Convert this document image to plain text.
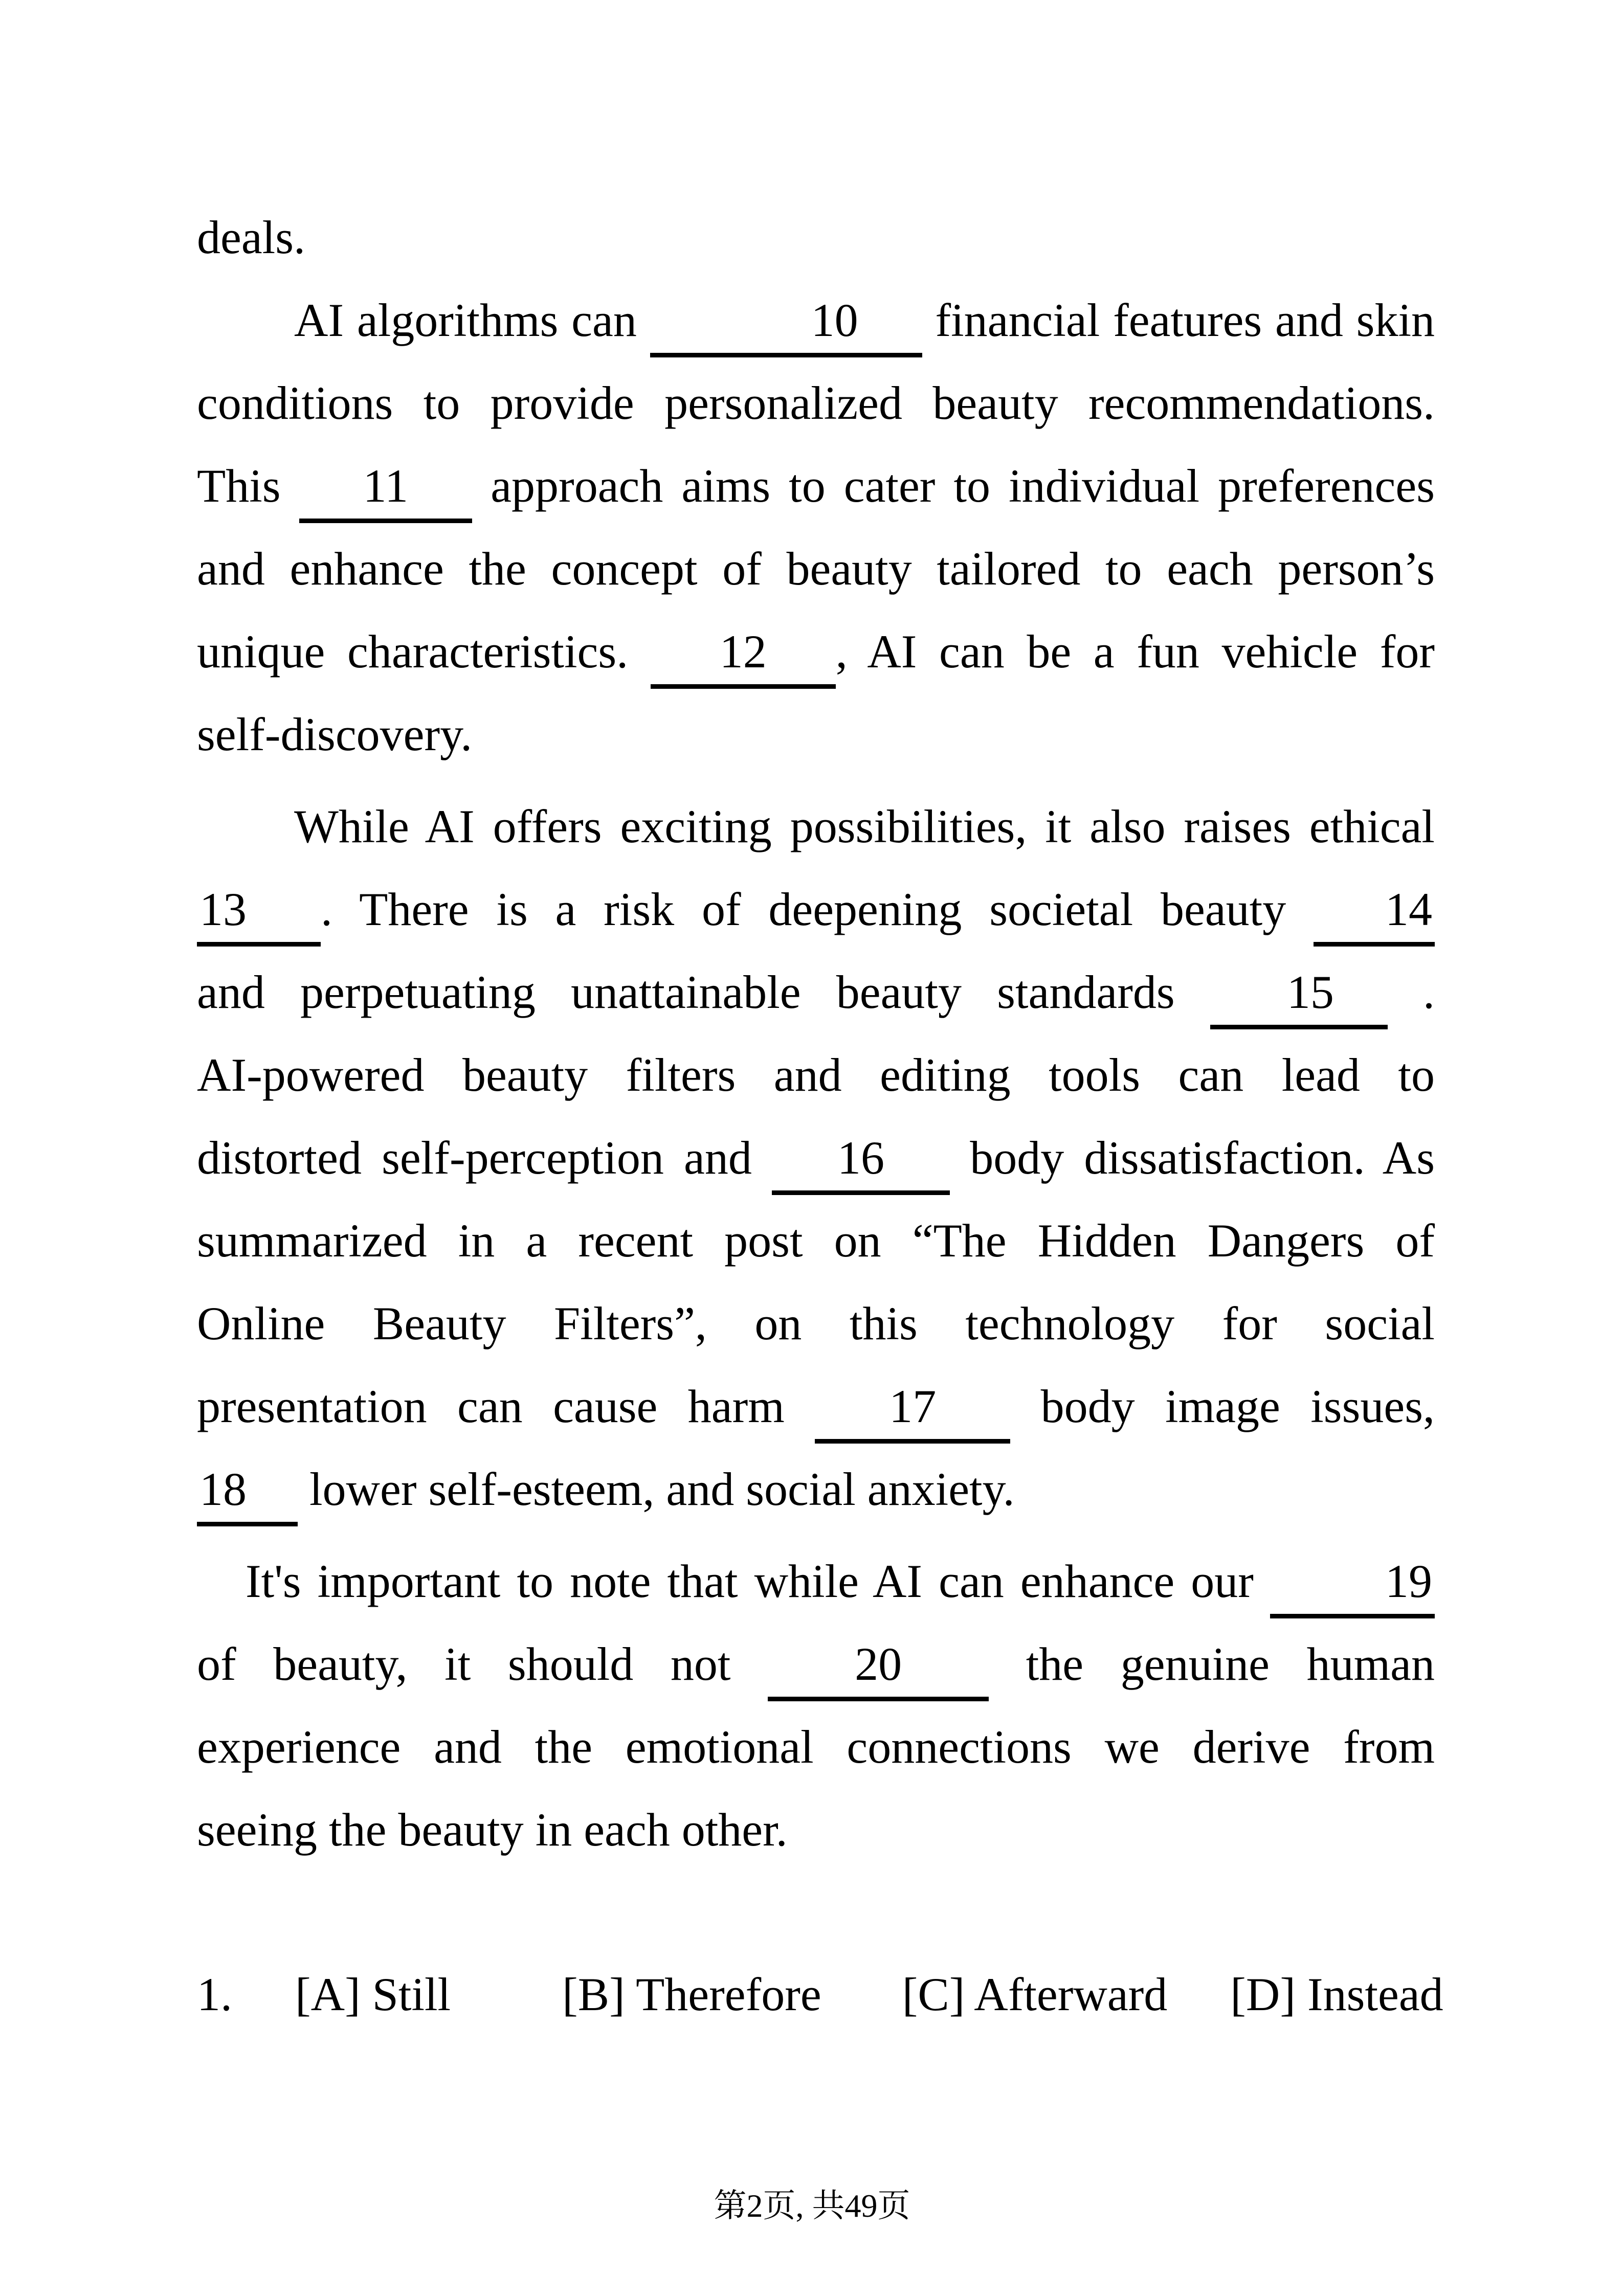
deals.
AI algorithms can	10 financial features and skin
conditions to provide personalized beauty recommendations.
This 11 approach aims to cater to individual preferences
and enhance the concept of beauty tailored to each person’s
unique characteristics. 12 , AI can be a fun vehicle for
self-discovery.
While AI offers exciting possibilities, it also raises ethical
13 . There is a risk of deepening societal beauty 14
and perpetuating unattainable beauty standards 15 .
AI-powered beauty filters and editing tools can lead to
distorted self-perception and 16 body dissatisfaction. As
summarized in a recent post on “The Hidden Dangers of
Online Beauty Filters”, on this technology for social
presentation can cause harm 17 body image issues,
18 lower self-esteem, and social anxiety.
It's important to note that while AI can enhance our	19
of beauty, it should not	20	the genuine human
experience and the emotional connections we derive from
seeing the beauty in each other.
1. [A] Still [B] Therefore [C] Afterward [D] Instead
第2页, 共49页
